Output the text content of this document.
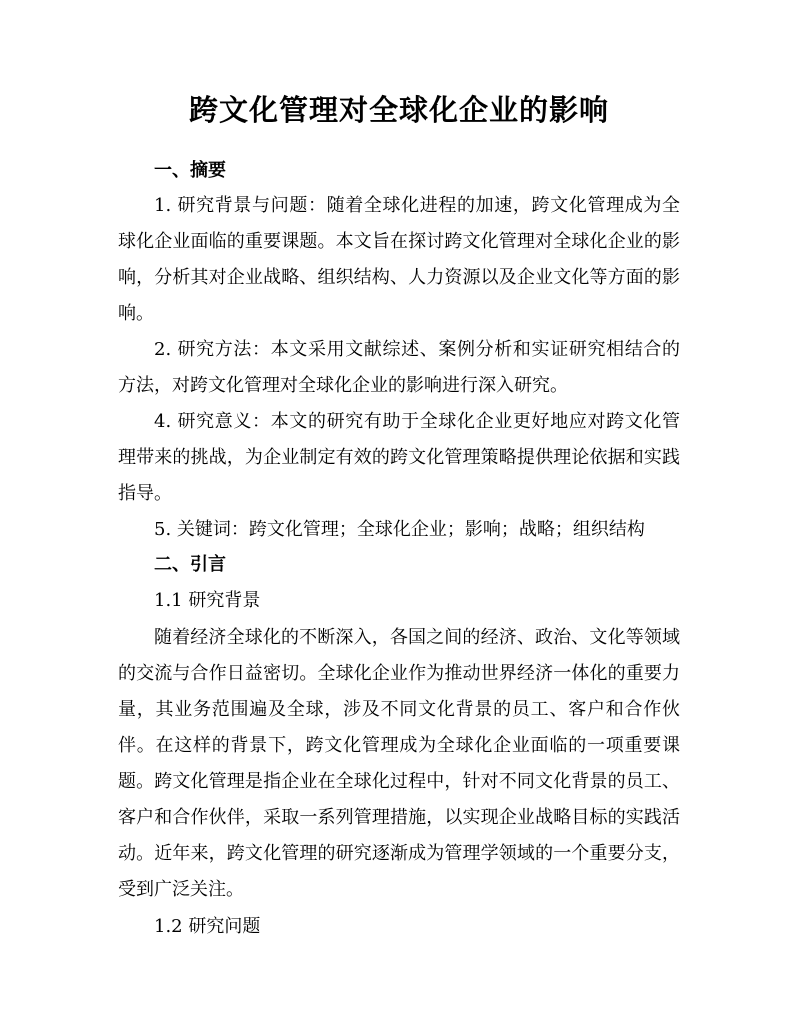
跨文化管理对全球化企业的影响
一、摘要

1. 研究背景与问题：随着全球化进程的加速，跨文化管理成为全球化企业面临的重要课题。本文旨在探讨跨文化管理对全球化企业的影响，分析其对企业战略、组织结构、人力资源以及企业文化等方面的影响。

2. 研究方法：本文采用文献综述、案例分析和实证研究相结合的方法，对跨文化管理对全球化企业的影响进行深入研究。

4. 研究意义：本文的研究有助于全球化企业更好地应对跨文化管理带来的挑战，为企业制定有效的跨文化管理策略提供理论依据和实践指导。

5. 关键词：跨文化管理；全球化企业；影响；战略；组织结构

二、引言
1.1 研究背景

随着经济全球化的不断深入，各国之间的经济、政治、文化等领域的交流与合作日益密切。全球化企业作为推动世界经济一体化的重要力量，其业务范围遍及全球，涉及不同文化背景的员工、客户和合作伙伴。在这样的背景下，跨文化管理成为全球化企业面临的一项重要课题。跨文化管理是指企业在全球化过程中，针对不同文化背景的员工、客户和合作伙伴，采取一系列管理措施，以实现企业战略目标的实践活动。近年来，跨文化管理的研究逐渐成为管理学领域的一个重要分支，受到广泛关注。

1.2 研究问题
